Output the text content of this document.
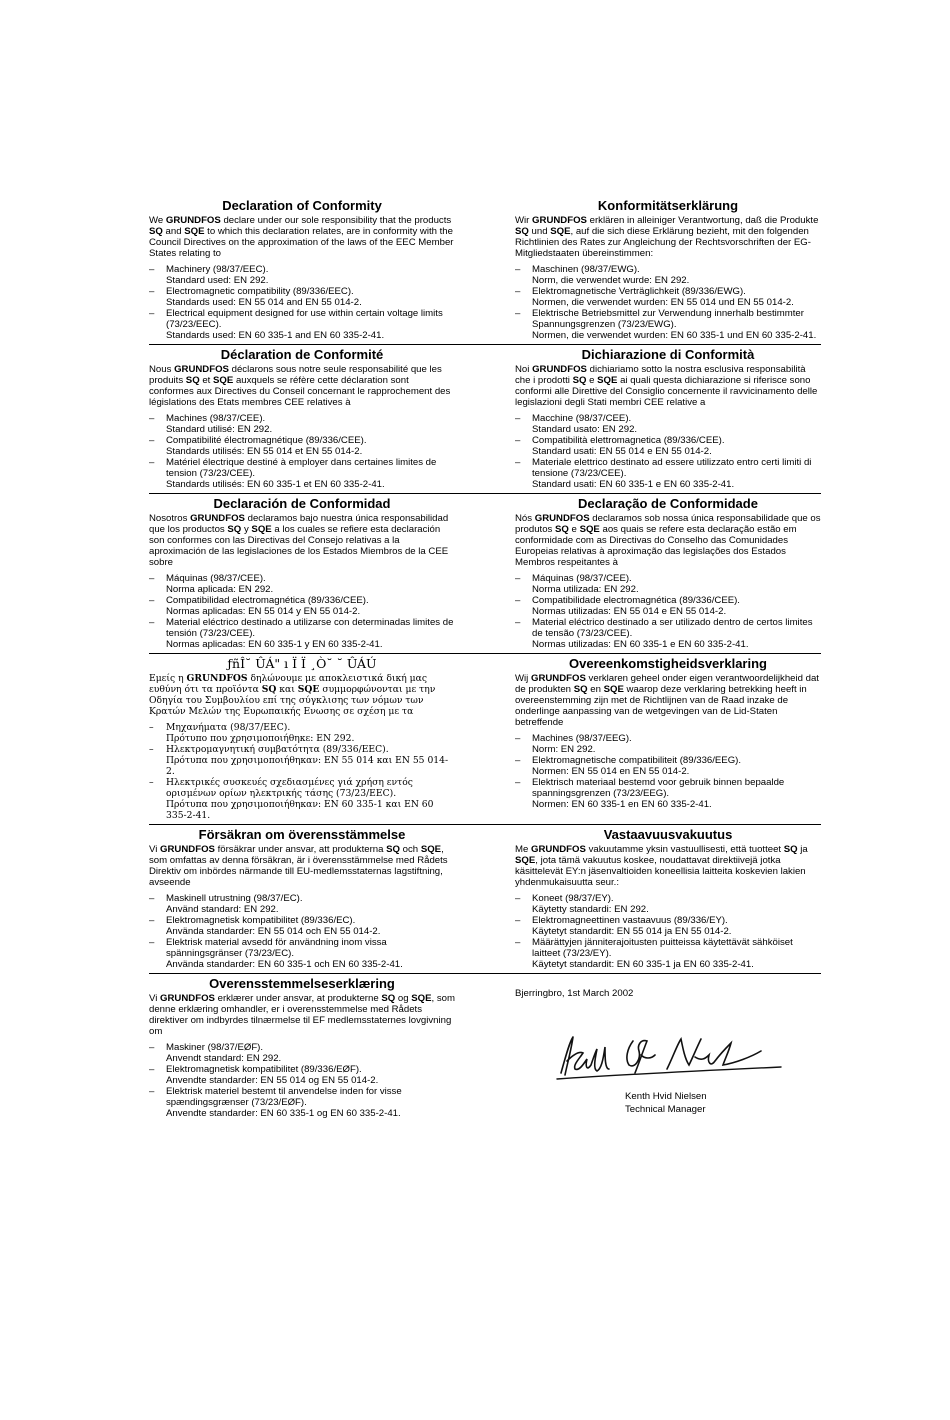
Declaration of Conformity

We GRUNDFOS declare under our sole responsibility that the products SQ and SQE to which this declaration relates, are in conformity with the Council Directives on the approximation of the laws of the EEC Member States relating to

– Machinery (98/37/EEC).
Standard used: EN 292.
– Electromagnetic compatibility (89/336/EEC).
Standards used: EN 55 014 and EN 55 014-2.
– Electrical equipment designed for use within certain voltage limits (73/23/EEC).
Standards used: EN 60 335-1 and EN 60 335-2-41.
Konformitätserklärung

Wir GRUNDFOS erklären in alleiniger Verantwortung, daß die Produkte SQ und SQE, auf die sich diese Erklärung bezieht, mit den folgenden Richtlinien des Rates zur Angleichung der Rechtsvorschriften der EG-Mitgliedstaaten übereinstimmen:

– Maschinen (98/37/EWG).
Norm, die verwendet wurde: EN 292.
– Elektromagnetische Verträglichkeit (89/336/EWG).
Normen, die verwendet wurden: EN 55 014 und EN 55 014-2.
– Elektrische Betriebsmittel zur Verwendung innerhalb bestimmter Spannungsgrenzen (73/23/EWG).
Normen, die verwendet wurden: EN 60 335-1 und EN 60 335-2-41.
Déclaration de Conformité

Nous GRUNDFOS déclarons sous notre seule responsabilité que les produits SQ et SQE auxquels se réfère cette déclaration sont conformes aux Directives du Conseil concernant le rapprochement des législations des Etats membres CEE relatives à

– Machines (98/37/CEE).
Standard utilisé: EN 292.
– Compatibilité électromagnétique (89/336/CEE).
Standards utilisés: EN 55 014 et EN 55 014-2.
– Matériel électrique destiné à employer dans certaines limites de tension (73/23/CEE).
Standards utilisés: EN 60 335-1 et EN 60 335-2-41.
Dichiarazione di Conformità

Noi GRUNDFOS dichiariamo sotto la nostra esclusiva responsabilità che i prodotti SQ e SQE ai quali questa dichiarazione si riferisce sono conformi alle Direttive del Consiglio concernente il ravvicinamento delle legislazioni degli Stati membri CEE relative a

– Macchine (98/37/CEE).
Standard usato: EN 292.
– Compatibilità elettromagnetica (89/336/CEE).
Standard usati: EN 55 014 e EN 55 014-2.
– Materiale elettrico destinato ad essere utilizzato entro certi limiti di tensione (73/23/CEE).
Standard usati: EN 60 335-1 e EN 60 335-2-41.
Declaración de Conformidad

Nosotros GRUNDFOS declaramos bajo nuestra única responsabilidad que los productos SQ y SQE a los cuales se refiere esta declaración son conformes con las Directivas del Consejo relativas a la aproximación de las legislaciones de los Estados Miembros de la CEE sobre

– Máquinas (98/37/CEE).
Norma aplicada: EN 292.
– Compatibilidad electromagnética (89/336/CEE).
Normas aplicadas: EN 55 014 y EN 55 014-2.
– Material eléctrico destinado a utilizarse con determinadas limites de tensión (73/23/CEE).
Normas aplicadas: EN 60 335-1 y EN 60 335-2-41.
Declaração de Conformidade

Nós GRUNDFOS declaramos sob nossa única responsabilidade que os produtos SQ e SQE aos quais se refere esta declaração estão em conformidade com as Directivas do Conselho das Comunidades Europeias relativas à aproximação das legislações dos Estados Membros respeitantes à

– Máquinas (98/37/CEE).
Norma utilizada: EN 292.
– Compatibilidade electromagnética (89/336/CEE).
Normas utilizadas: EN 55 014 e EN 55 014-2.
– Material eléctrico destinado a ser utilizado dentro de certos limites de tensão (73/23/CEE).
Normas utilizadas: EN 60 335-1 e EN 60 335-2-41.
ƒñÎ˘ ÛÁ" ı Ï Ï ¸Ò˘ ˘ ÛÁÚ

Εμείς η GRUNDFOS δηλώνουμε με αποκλειστικά δική μας ευθύνη ότι τα προϊόντα SQ και SQE συμμορφώνονται με την Οδηγία του Συμβουλίου επί της σύγκλισης των νόμων των Κρατών Μελών της Ευρωπαικής Ενωσης σε σχέση με τα

– Μηχανήματα (98/37/EEC).
Πρότυπο που χρησιμοποιήθηκε: EN 292.
– Ηλεκτρομαγνητική συμβατότητα (89/336/EEC).
Πρότυπα που χρησιμοποιήθηκαν: EN 55 014 και EN 55 014-2.
– Ηλεκτρικές συσκευές σχεδιασμένες γιά χρήση εντός ορισμένων ορίων ηλεκτρικής τάσης (73/23/EEC).
Πρότυπα που χρησιμοποιήθηκαν: EN 60 335-1 και EN 60 335-2-41.
Overeenkomstigheidsverklaring

Wij GRUNDFOS verklaren geheel onder eigen verantwoordelijkheid dat de produkten SQ en SQE waarop deze verklaring betrekking heeft in overeenstemming zijn met de Richtlijnen van de Raad inzake de onderlinge aanpassing van de wetgevingen van de Lid-Staten betreffende

– Machines (98/37/EEG).
Norm: EN 292.
– Elektromagnetische compatibiliteit (89/336/EEG).
Normen: EN 55 014 en EN 55 014-2.
– Elektrisch materiaal bestemd voor gebruik binnen bepaalde spanningsgrenzen (73/23/EEG).
Normen: EN 60 335-1 en EN 60 335-2-41.
Försäkran om överensstämmelse

Vi GRUNDFOS försäkrar under ansvar, att produkterna SQ och SQE, som omfattas av denna försäkran, är i överensstämmelse med Rådets Direktiv om inbördes närmande till EU-medlemsstaternas lagstiftning, avseende

– Maskinell utrustning (98/37/EC).
Använd standard: EN 292.
– Elektromagnetisk kompatibilitet (89/336/EC).
Använda standarder: EN 55 014 och EN 55 014-2.
– Elektrisk material avsedd för användning inom vissa spänningsgränser (73/23/EC).
Använda standarder: EN 60 335-1 och EN 60 335-2-41.
Vastaavuusvakuutus

Me GRUNDFOS vakuutamme yksin vastuullisesti, että tuotteet SQ ja SQE, jota tämä vakuutus koskee, noudattavat direktiivejä jotka käsittelevät EY:n jäsenvaltioiden koneellisia laitteita koskevien lakien yhdenmukaisuutta seur.:

– Koneet (98/37/EY).
Käytetty standardi: EN 292.
– Elektromagneettinen vastaavuus (89/336/EY).
Käytetyt standardit: EN 55 014 ja EN 55 014-2.
– Määrättyjen jänniterajoitusten puitteissa käytettävät sähköiset laitteet (73/23/EY).
Käytetyt standardit: EN 60 335-1 ja EN 60 335-2-41.
Overensstemmelseserklæring

Vi GRUNDFOS erklærer under ansvar, at produkterne SQ og SQE, som denne erklæring omhandler, er i overensstemmelse med Rådets direktiver om indbyrdes tilnærmelse til EF medlemsstaternes lovgivning om

– Maskiner (98/37/EØF).
Anvendt standard: EN 292.
– Elektromagnetisk kompatibilitet (89/336/EØF).
Anvendte standarder: EN 55 014 og EN 55 014-2.
– Elektrisk materiel bestemt til anvendelse inden for visse spændingsgrænser (73/23/EØF).
Anvendte standarder: EN 60 335-1 og EN 60 335-2-41.
Bjerringbro, 1st March 2002
Kenth Hvid Nielsen
Technical Manager
